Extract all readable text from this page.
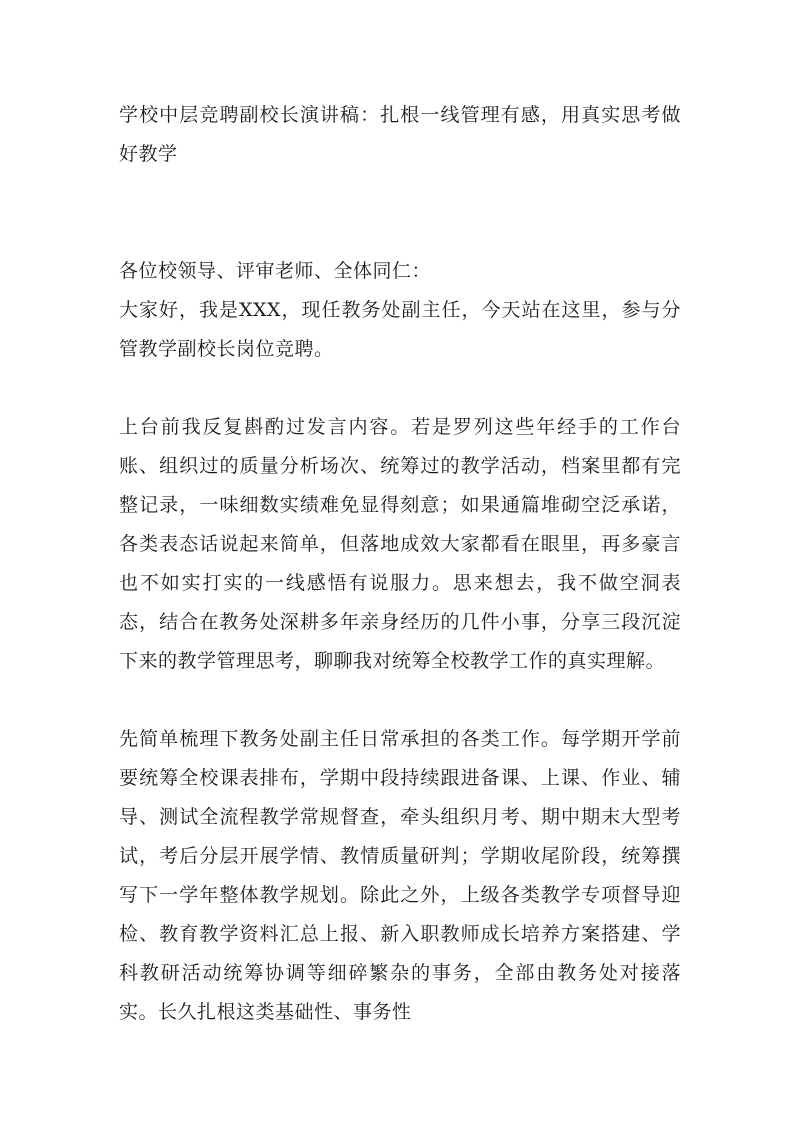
学校中层竞聘副校长演讲稿：扎根一线管理有感，用真实思考做好教学

各位校领导、评审老师、全体同仁：

大家好，我是XXX，现任教务处副主任，今天站在这里，参与分管教学副校长岗位竞聘。

上台前我反复斟酌过发言内容。若是罗列这些年经手的工作台账、组织过的质量分析场次、统筹过的教学活动，档案里都有完整记录，一味细数实绩难免显得刻意；如果通篇堆砌空泛承诺，各类表态话说起来简单，但落地成效大家都看在眼里，再多豪言也不如实打实的一线感悟有说服力。思来想去，我不做空洞表态，结合在教务处深耕多年亲身经历的几件小事，分享三段沉淀下来的教学管理思考，聊聊我对统筹全校教学工作的真实理解。

先简单梳理下教务处副主任日常承担的各类工作。每学期开学前要统筹全校课表排布，学期中段持续跟进备课、上课、作业、辅导、测试全流程教学常规督查，牵头组织月考、期中期末大型考试，考后分层开展学情、教情质量研判；学期收尾阶段，统筹撰写下一学年整体教学规划。除此之外，上级各类教学专项督导迎检、教育教学资料汇总上报、新入职教师成长培养方案搭建、学科教研活动统筹协调等细碎繁杂的事务，全部由教务处对接落实。长久扎根这类基础性、事务性
